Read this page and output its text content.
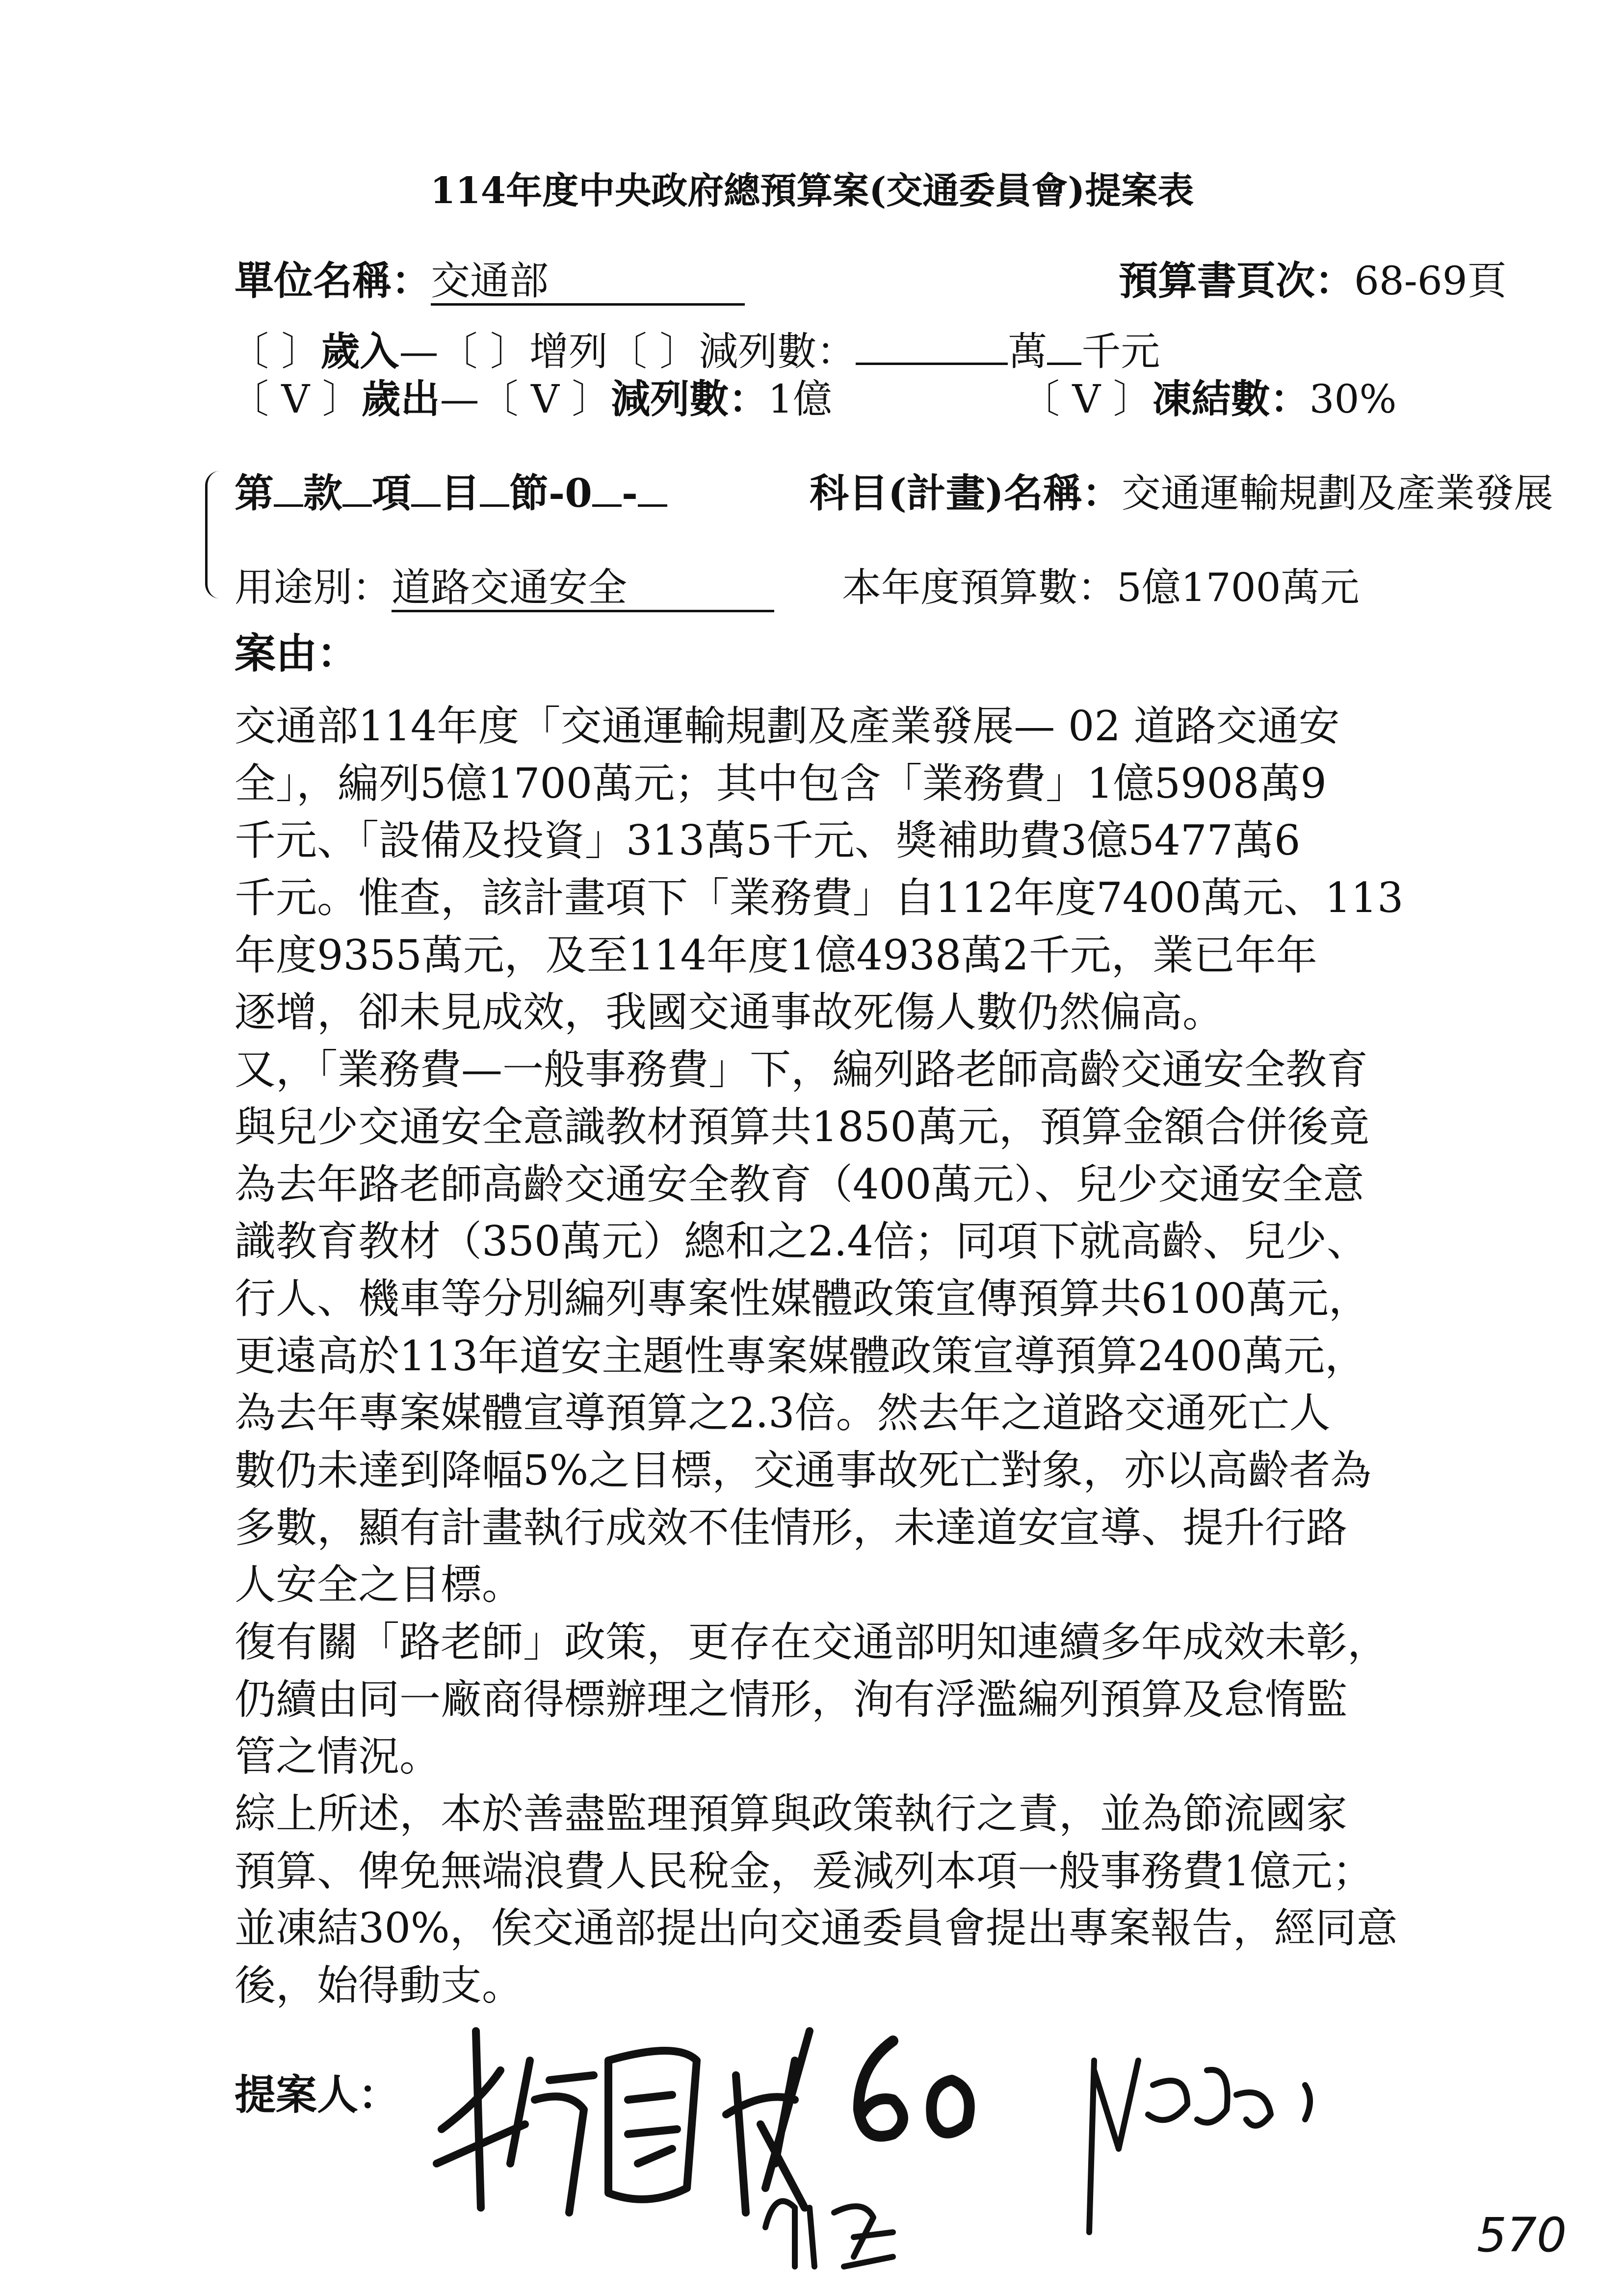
114年度中央政府總預算案(交通委員會)提案表
單位名稱：交通部	預算書頁次：68-69頁
〔 〕歲入—〔 〕增列〔 〕減列數：	萬 千元
〔 V 〕歲出—〔 V 〕減列數：1億	〔 V 〕凍結數：30%
第 款 項 目 節-0 -	科目(計畫)名稱：交通運輸規劃及產業發展
用途別：道路交通安全	本年度預算數：5億1700萬元
案由：
交通部114年度「交通運輸規劃及產業發展— 02 道路交通安
全」，編列5億1700萬元；其中包含「業務費」1億5908萬9
千元、「設備及投資」313萬5千元、獎補助費3億5477萬6
千元。惟查，該計畫項下「業務費」自112年度7400萬元、113
年度9355萬元，及至114年度1億4938萬2千元，業已年年
逐增，卻未見成效，我國交通事故死傷人數仍然偏高。
又，「業務費—一般事務費」下，編列路老師高齡交通安全教育
與兒少交通安全意識教材預算共1850萬元，預算金額合併後竟
為去年路老師高齡交通安全教育（400萬元）、兒少交通安全意
識教育教材（350萬元）總和之2.4倍；同項下就高齡、兒少、
行人、機車等分別編列專案性媒體政策宣傳預算共6100萬元，
更遠高於113年道安主題性專案媒體政策宣導預算2400萬元，
為去年專案媒體宣導預算之2.3倍。然去年之道路交通死亡人
數仍未達到降幅5%之目標，交通事故死亡對象，亦以高齡者為
多數，顯有計畫執行成效不佳情形，未達道安宣導、提升行路
人安全之目標。
復有關「路老師」政策，更存在交通部明知連續多年成效未彰，
仍續由同一廠商得標辦理之情形，洵有浮濫編列預算及怠惰監
管之情況。
綜上所述，本於善盡監理預算與政策執行之責，並為節流國家
預算、俾免無端浪費人民稅金，爰減列本項一般事務費1億元；
並凍結30%，俟交通部提出向交通委員會提出專案報告，經同意
後，始得動支。
提案人：
570
